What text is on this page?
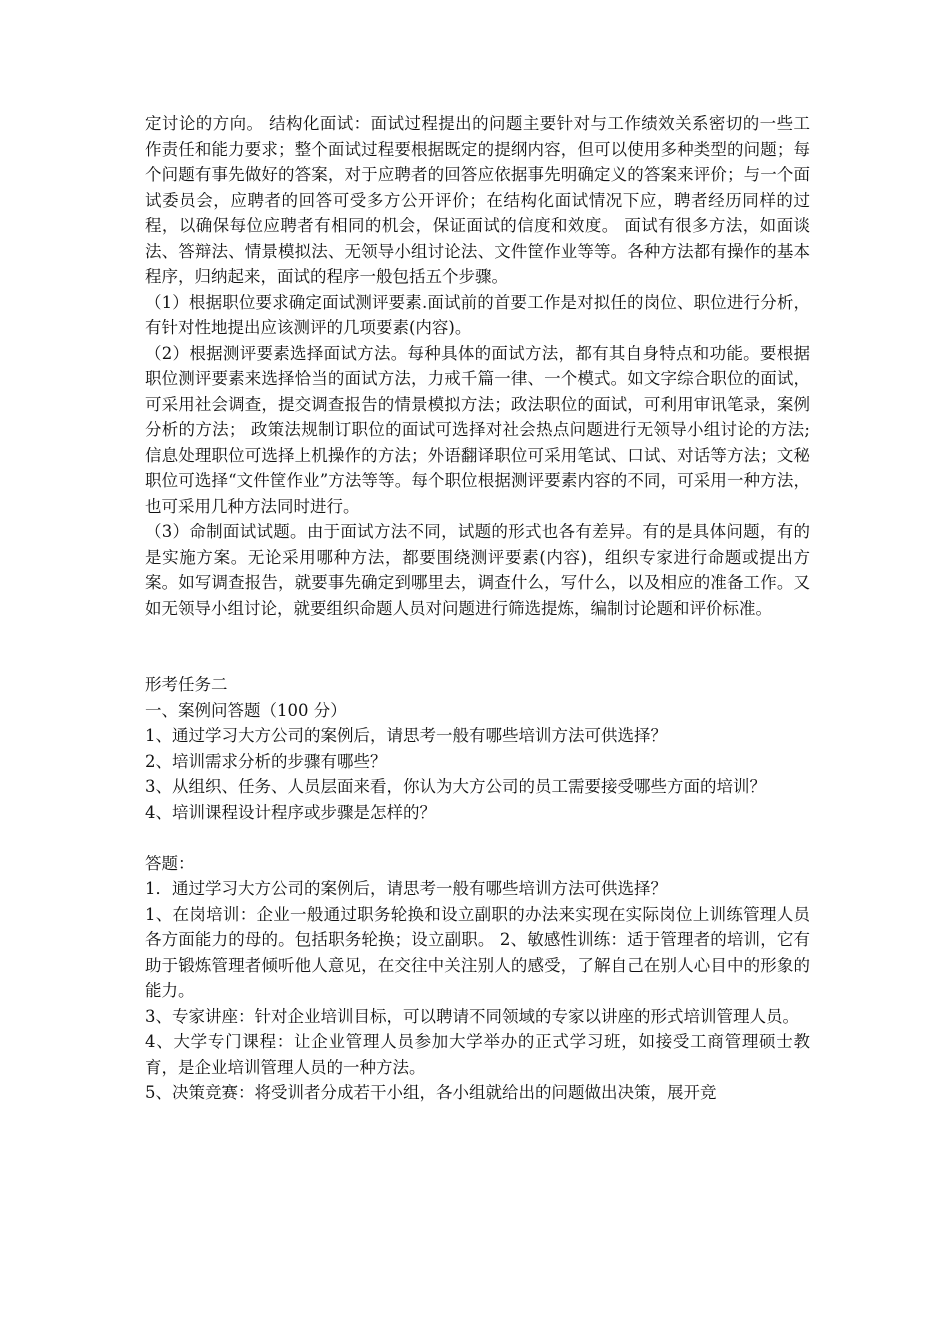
定讨论的方向。 结构化面试：面试过程提出的问题主要针对与工作绩效关系密切的一些工作责任和能力要求；整个面试过程要根据既定的提纲内容，但可以使用多种类型的问题；每个问题有事先做好的答案，对于应聘者的回答应依据事先明确定义的答案来评价；与一个面试委员会，应聘者的回答可受多方公开评价；在结构化面试情况下应，聘者经历同样的过程，以确保每位应聘者有相同的机会，保证面试的信度和效度。 面试有很多方法，如面谈法、答辩法、情景模拟法、无领导小组讨论法、文件筐作业等等。各种方法都有操作的基本程序，归纳起来，面试的程序一般包括五个步骤。

（1）根据职位要求确定面试测评要素.面试前的首要工作是对拟任的岗位、职位进行分析，有针对性地提出应该测评的几项要素(内容)。

（2）根据测评要素选择面试方法。每种具体的面试方法，都有其自身特点和功能。要根据职位测评要素来选择恰当的面试方法，力戒千篇一律、一个模式。如文字综合职位的面试，可采用社会调查，提交调查报告的情景模拟方法；政法职位的面试，可利用审讯笔录，案例分析的方法； 政策法规制订职位的面试可选择对社会热点问题进行无领导小组讨论的方法;信息处理职位可选择上机操作的方法；外语翻译职位可采用笔试、口试、对话等方法；文秘职位可选择“文件筐作业”方法等等。每个职位根据测评要素内容的不同，可采用一种方法，也可采用几种方法同时进行。

（3）命制面试试题。由于面试方法不同，试题的形式也各有差异。有的是具体问题，有的是实施方案。无论采用哪种方法，都要围绕测评要素(内容)，组织专家进行命题或提出方案。如写调查报告，就要事先确定到哪里去，调查什么，写什么，以及相应的准备工作。又如无领导小组讨论，就要组织命题人员对问题进行筛选提炼，编制讨论题和评价标准。

形考任务二

一、案例问答题（100 分）

1、通过学习大方公司的案例后，请思考一般有哪些培训方法可供选择？

2、培训需求分析的步骤有哪些？

3、从组织、任务、人员层面来看，你认为大方公司的员工需要接受哪些方面的培训？

4、培训课程设计程序或步骤是怎样的？

答题：

1．通过学习大方公司的案例后，请思考一般有哪些培训方法可供选择？

1、在岗培训：企业一般通过职务轮换和设立副职的办法来实现在实际岗位上训练管理人员各方面能力的母的。包括职务轮换；设立副职。 2、敏感性训练：适于管理者的培训，它有助于锻炼管理者倾听他人意见，在交往中关注别人的感受，了解自己在别人心目中的形象的能力。

3、专家讲座：针对企业培训目标，可以聘请不同领域的专家以讲座的形式培训管理人员。

4、大学专门课程：让企业管理人员参加大学举办的正式学习班，如接受工商管理硕士教育，是企业培训管理人员的一种方法。

5、决策竞赛：将受训者分成若干小组，各小组就给出的问题做出决策，展开竞
